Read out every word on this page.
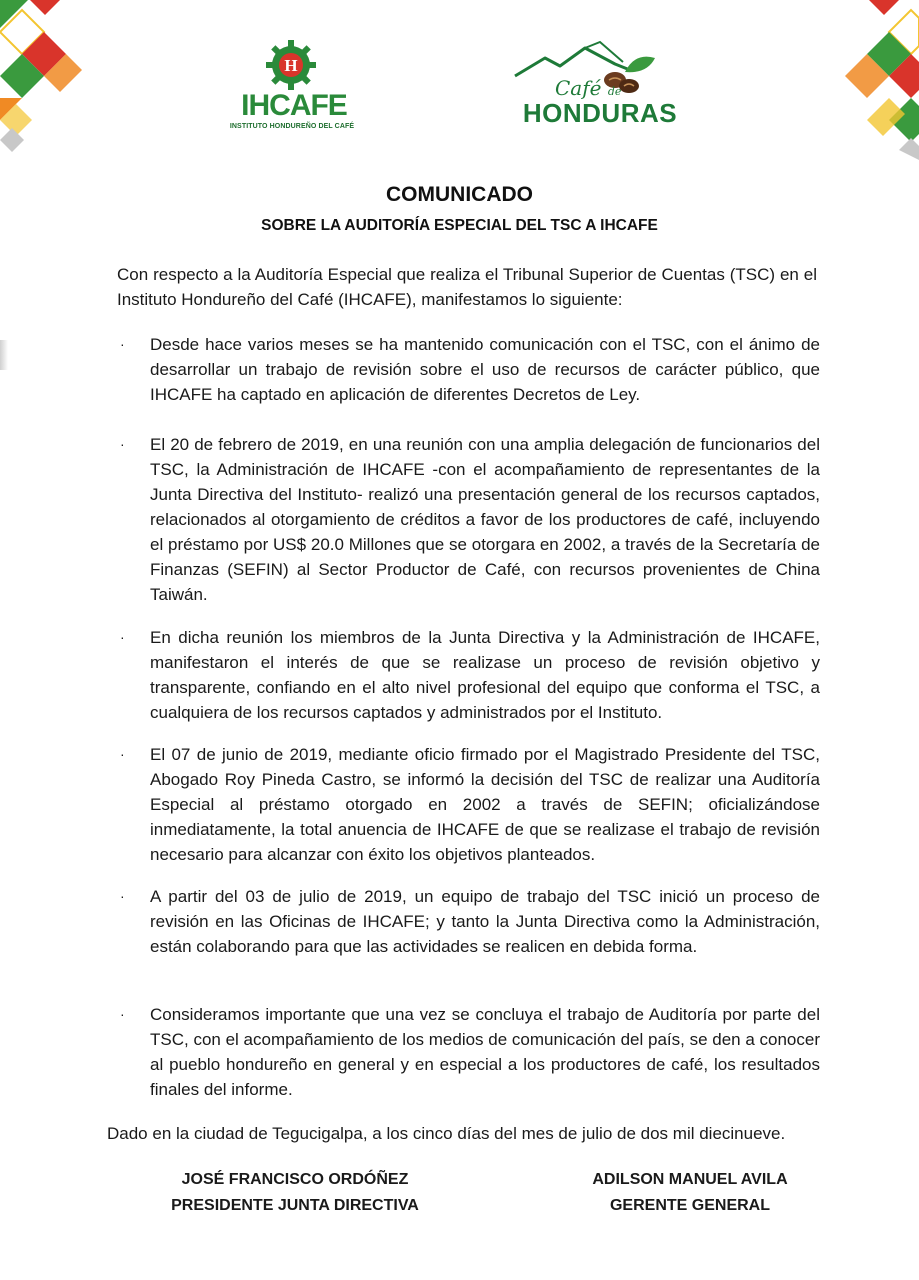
H
IHCAFE
INSTITUTO HONDUREÑO DEL CAFÉ
Café de
HONDURAS
COMUNICADO
SOBRE LA AUDITORÍA ESPECIAL DEL TSC A IHCAFE

Con respecto a la Auditoría Especial que realiza el Tribunal Superior de Cuentas (TSC) en el Instituto Hondureño del Café (IHCAFE), manifestamos lo siguiente:

· Desde hace varios meses se ha mantenido comunicación con el TSC, con el ánimo de desarrollar un trabajo de revisión sobre el uso de recursos de carácter público, que IHCAFE ha captado en aplicación de diferentes Decretos de Ley.
· El 20 de febrero de 2019, en una reunión con una amplia delegación de funcionarios del TSC, la Administración de IHCAFE -con el acompañamiento de representantes de la Junta Directiva del Instituto- realizó una presentación general de los recursos captados, relacionados al otorgamiento de créditos a favor de los productores de café, incluyendo el préstamo por US$ 20.0 Millones que se otorgara en 2002, a través de la Secretaría de Finanzas (SEFIN) al Sector Productor de Café, con recursos provenientes de China Taiwán.
· En dicha reunión los miembros de la Junta Directiva y la Administración de IHCAFE, manifestaron el interés de que se realizase un proceso de revisión objetivo y transparente, confiando en el alto nivel profesional del equipo que conforma el TSC, a cualquiera de los recursos captados y administrados por el Instituto.
· El 07 de junio de 2019, mediante oficio firmado por el Magistrado Presidente del TSC, Abogado Roy Pineda Castro, se informó la decisión del TSC de realizar una Auditoría Especial al préstamo otorgado en 2002 a través de SEFIN; oficializándose inmediatamente, la total anuencia de IHCAFE de que se realizase el trabajo de revisión necesario para alcanzar con éxito los objetivos planteados.
· A partir del 03 de julio de 2019, un equipo de trabajo del TSC inició un proceso de revisión en las Oficinas de IHCAFE; y tanto la Junta Directiva como la Administración, están colaborando para que las actividades se realicen en debida forma.
· Consideramos importante que una vez se concluya el trabajo de Auditoría por parte del TSC, con el acompañamiento de los medios de comunicación del país, se den a conocer al pueblo hondureño en general y en especial a los productores de café, los resultados finales del informe.
Dado en la ciudad de Tegucigalpa, a los cinco días del mes de julio de dos mil diecinueve.
JOSÉ FRANCISCO ORDÓÑEZ
PRESIDENTE JUNTA DIRECTIVA
ADILSON MANUEL AVILA
GERENTE GENERAL
